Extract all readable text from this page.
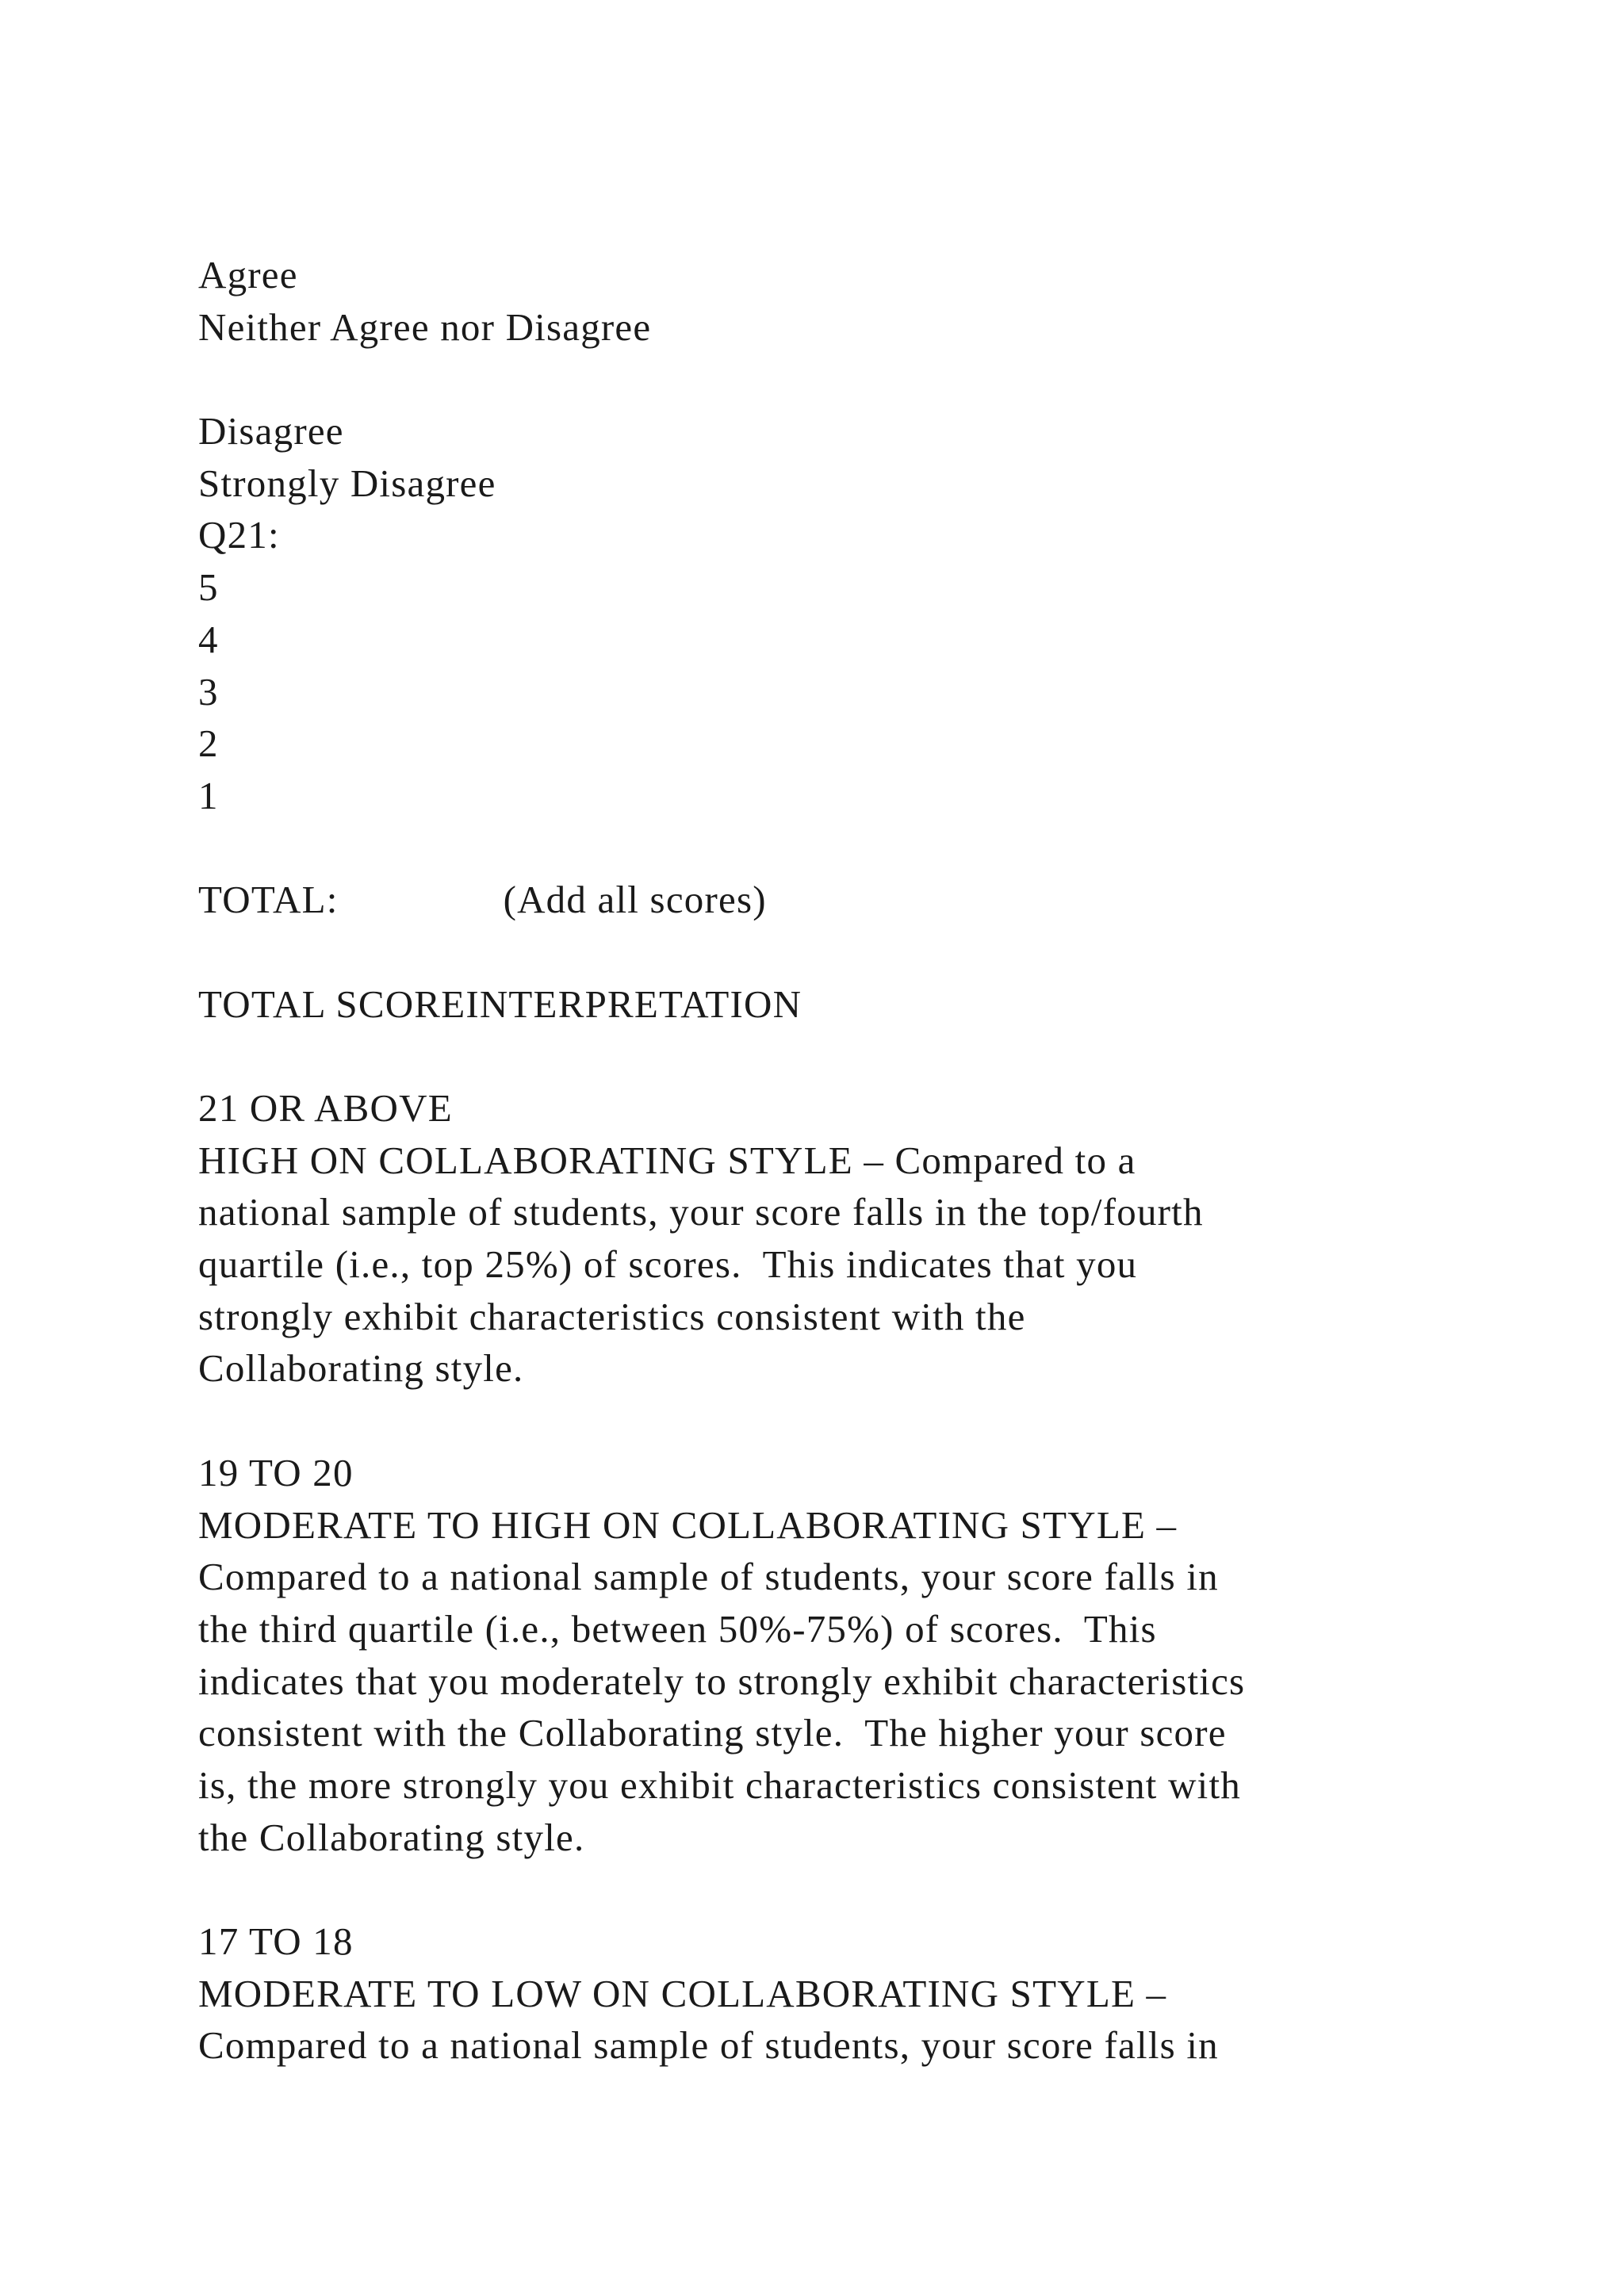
Agree
Neither Agree nor Disagree
Disagree
Strongly Disagree
Q21:
5
4
3
2
1
TOTAL:	(Add all scores)
TOTAL SCOREINTERPRETATION
21 OR ABOVE
HIGH ON COLLABORATING STYLE – Compared to a
national sample of students, your score falls in the top/fourth
quartile (i.e., top 25%) of scores.  This indicates that you
strongly exhibit characteristics consistent with the
Collaborating style.
19 TO 20
MODERATE TO HIGH ON COLLABORATING STYLE –
Compared to a national sample of students, your score falls in
the third quartile (i.e., between 50%-75%) of scores.  This
indicates that you moderately to strongly exhibit characteristics
consistent with the Collaborating style.  The higher your score
is, the more strongly you exhibit characteristics consistent with
the Collaborating style.
17 TO 18
MODERATE TO LOW ON COLLABORATING STYLE –
Compared to a national sample of students, your score falls in
